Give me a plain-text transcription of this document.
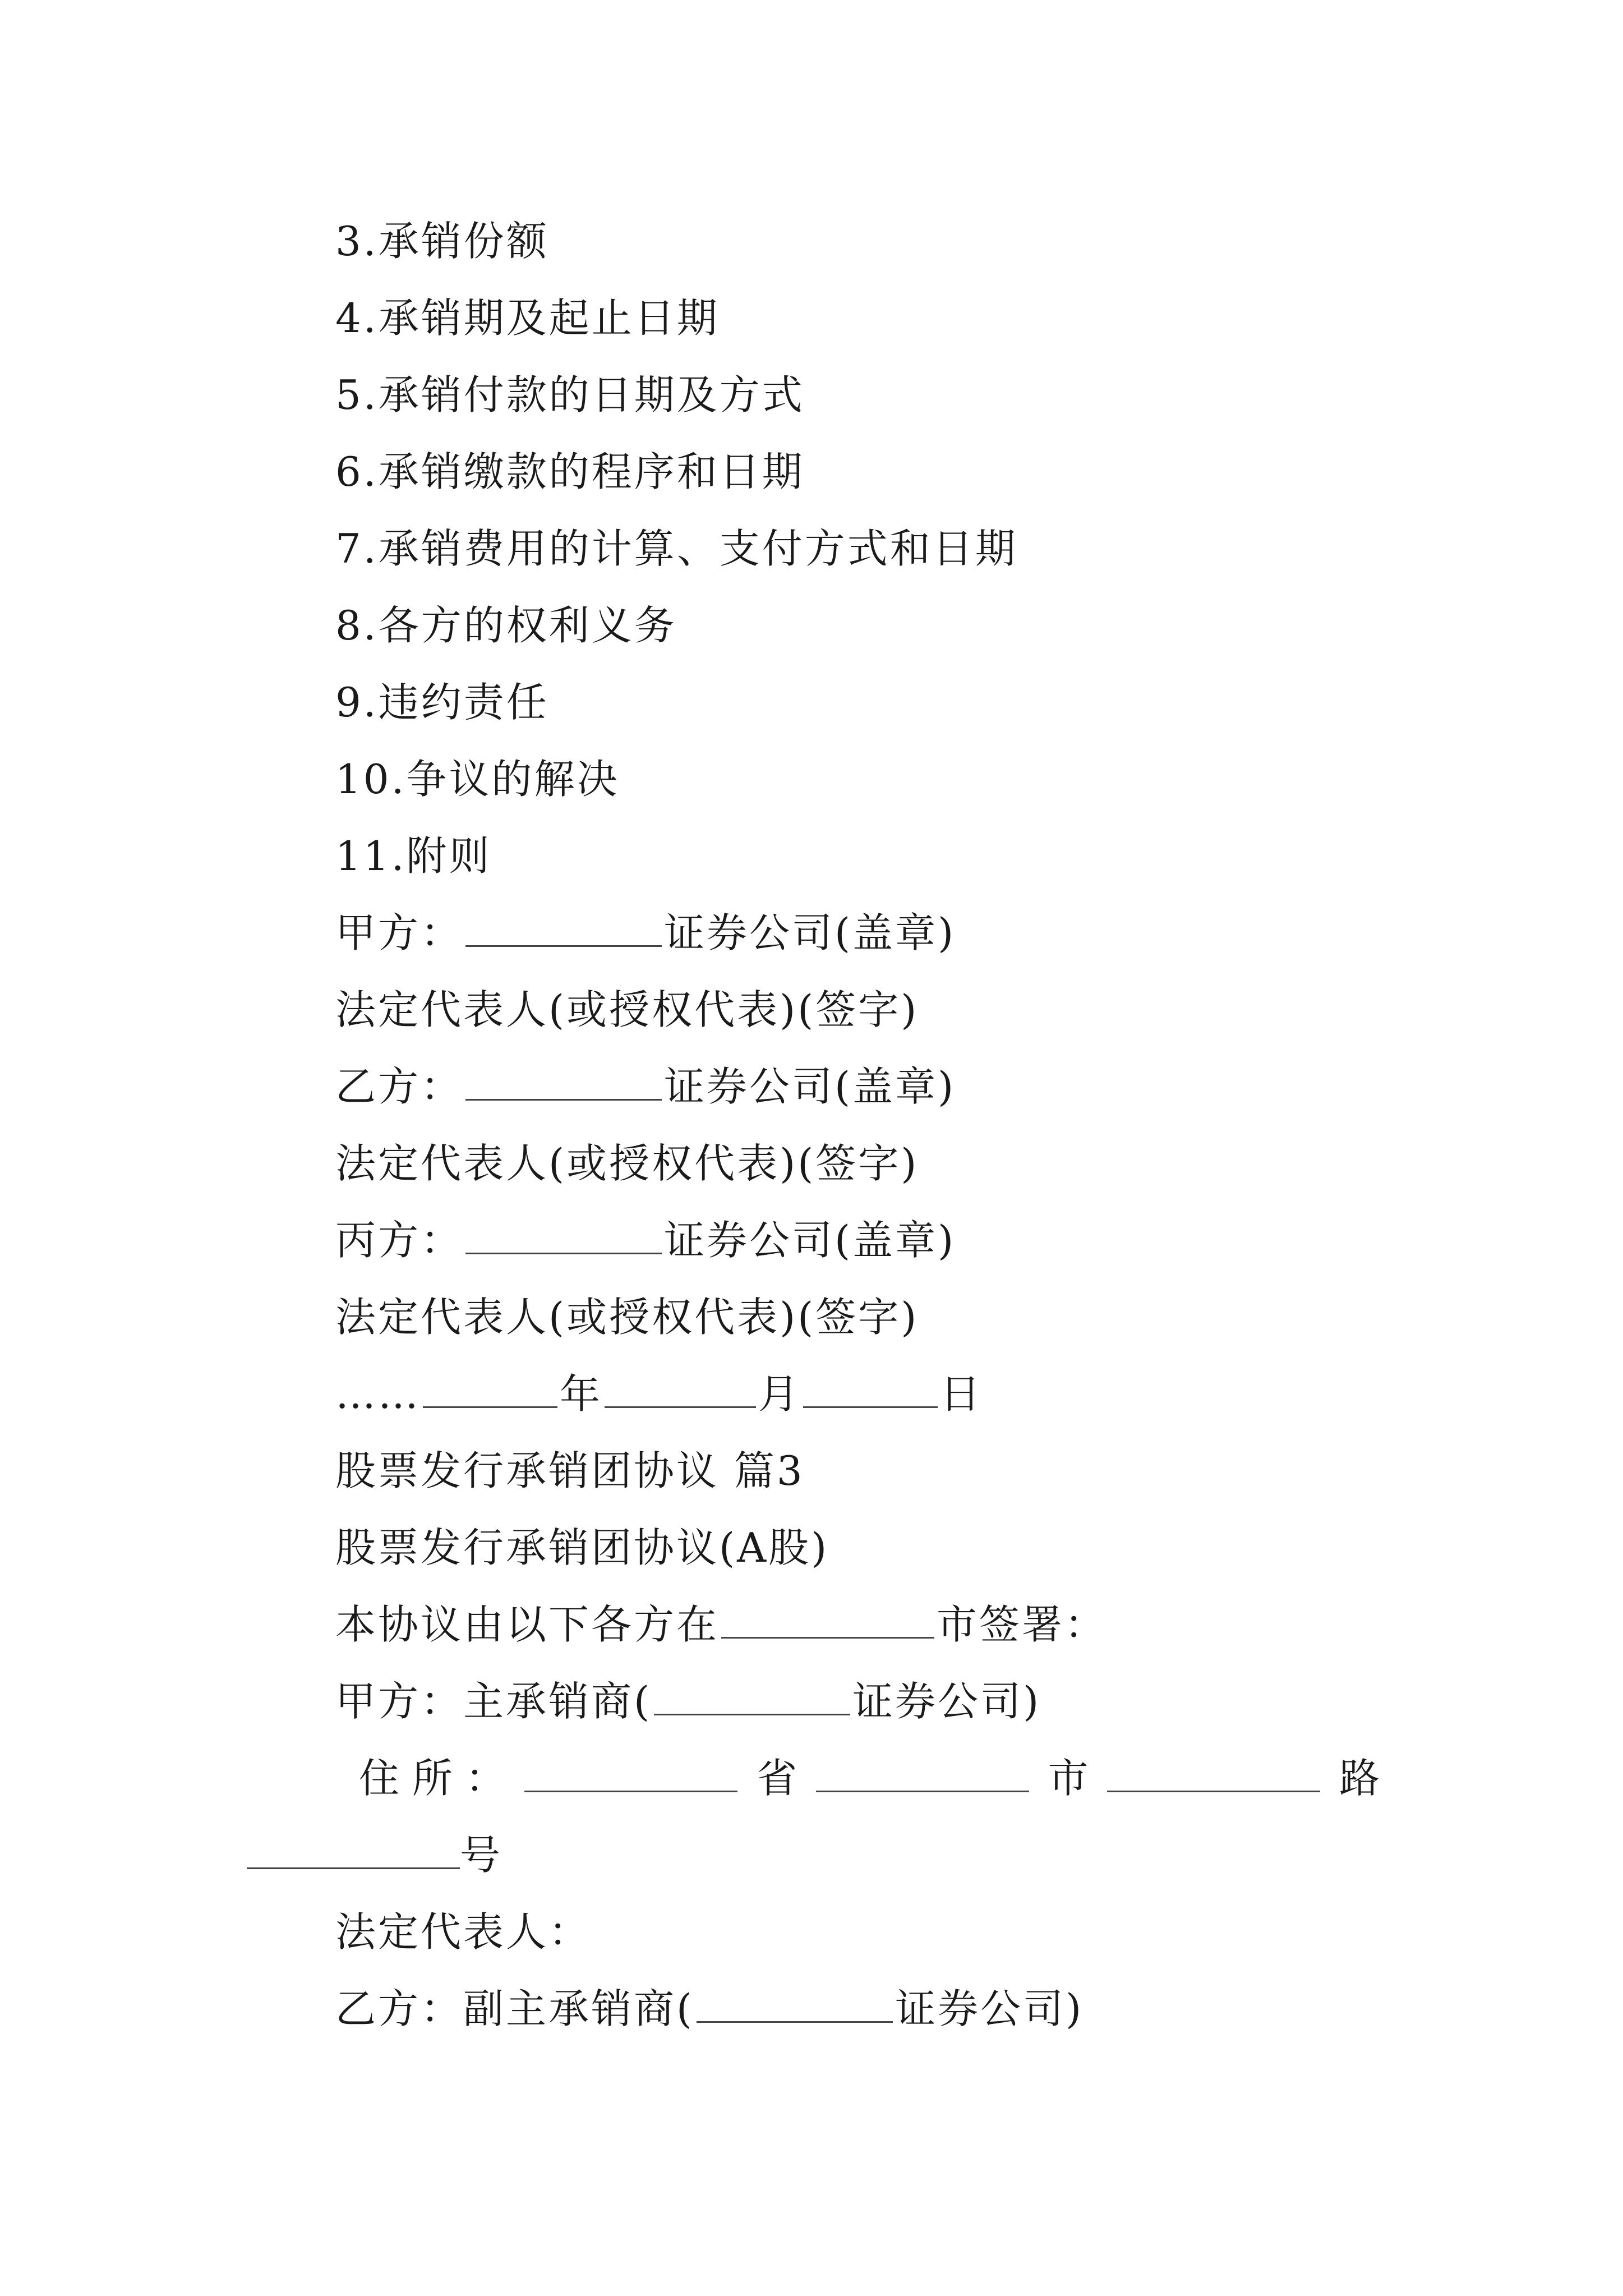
3.承销份额
4.承销期及起止日期
5.承销付款的日期及方式
6.承销缴款的程序和日期
7.承销费用的计算、支付方式和日期
8.各方的权利义务
9.违约责任
10.争议的解决
11.附则
甲方：	证券公司(盖章)
法定代表人(或授权代表)(签字)
乙方：	证券公司(盖章)
法定代表人(或授权代表)(签字)
丙方：	证券公司(盖章)
法定代表人(或授权代表)(签字)
……	年	月	日
股票发行承销团协议 篇3
股票发行承销团协议(A股)
本协议由以下各方在	市签署：
甲方：主承销商(	证券公司)
住 所 ：	省	市	路
号
法定代表人：
乙方：副主承销商(	证券公司)
